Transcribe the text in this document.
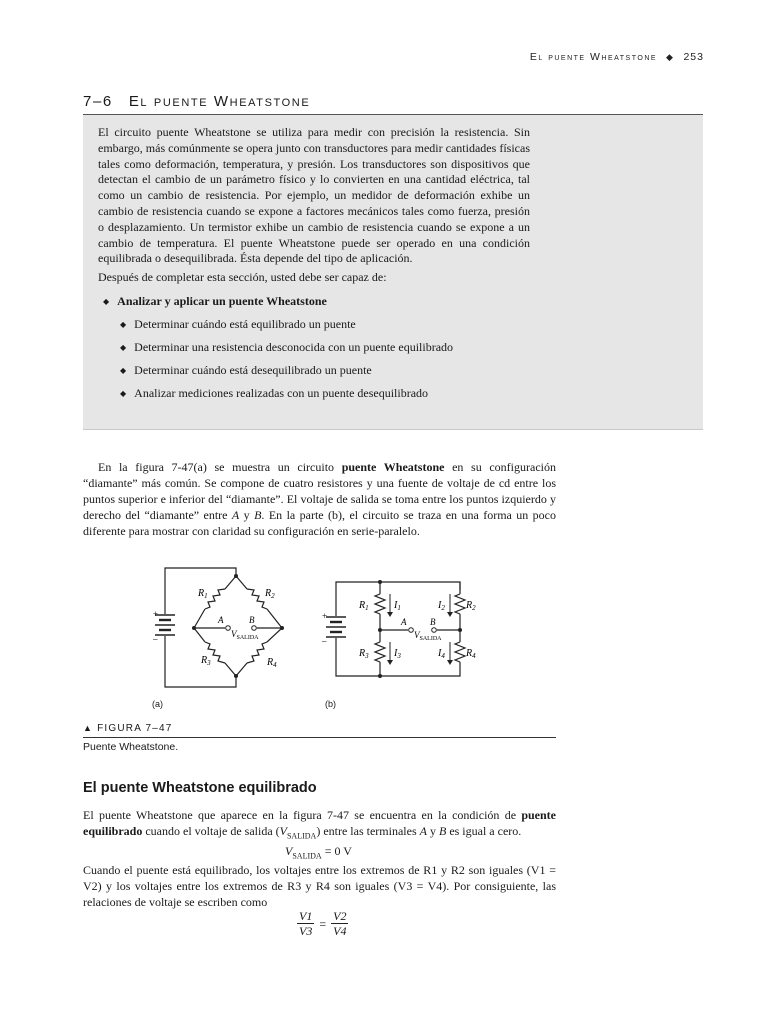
El puente Wheatstone ◆ 253
7–6 El puente Wheatstone

El circuito puente Wheatstone se utiliza para medir con precisión la resistencia. Sin embargo, más comúnmente se opera junto con transductores para medir cantidades físicas tales como deformación, temperatura, y presión. Los transductores son dispositivos que detectan el cambio de un parámetro físico y lo convierten en una cantidad eléctrica, tal como un cambio de resistencia. Por ejemplo, un medidor de deformación exhibe un cambio de resistencia cuando se expone a factores mecánicos tales como fuerza, presión o desplazamiento. Un termistor exhibe un cambio de resistencia cuando se expone a un cambio de temperatura. El puente Wheatstone puede ser operado en una condición equilibrada o desequilibrada. Ésta depende del tipo de aplicación.

Después de completar esta sección, usted debe ser capaz de:

◆ Analizar y aplicar un puente Wheatstone

◆ Determinar cuándo está equilibrado un puente

◆ Determinar una resistencia desconocida con un puente equilibrado

◆ Determinar cuándo está desequilibrado un puente

◆ Analizar mediciones realizadas con un puente desequilibrado

En la figura 7-47(a) se muestra un circuito puente Wheatstone en su configuración “diamante” más común. Se compone de cuatro resistores y una fuente de voltaje de cd entre los puntos superior e inferior del “diamante”. El voltaje de salida se toma entre los puntos izquierdo y derecho del “diamante” entre A y B. En la parte (b), el circuito se traza en una forma un poco diferente para mostrar con claridad su configuración en serie-paralelo.

+
–
$R_1$	$R_2$
$R_3$	$R_4$
A	B
$V_{SALIDA}$
+
–
$R_1$	$I_1$
$R_3$	$I_3$
$I_2$ $R_2$
$I_4$ $R_4$
A	B
$V_{SALIDA}$
(a)	(b)
▲ FIGURA 7–47
Puente Wheatstone.
El puente Wheatstone equilibrado

El puente Wheatstone que aparece en la figura 7-47 se encuentra en la condición de puente equilibrado cuando el voltaje de salida $(V_{SALIDA})$ entre las terminales A y B es igual a cero.

$V_{SALIDA} = 0$ V

Cuando el puente está equilibrado, los voltajes entre los extremos de R1 y R2 son iguales (V1 = V2) y los voltajes entre los extremos de R3 y R4 son iguales (V3 = V4). Por consiguiente, las relaciones de voltaje se escriben como

$\frac{V1}{V3} = \frac{V2}{V4}$
